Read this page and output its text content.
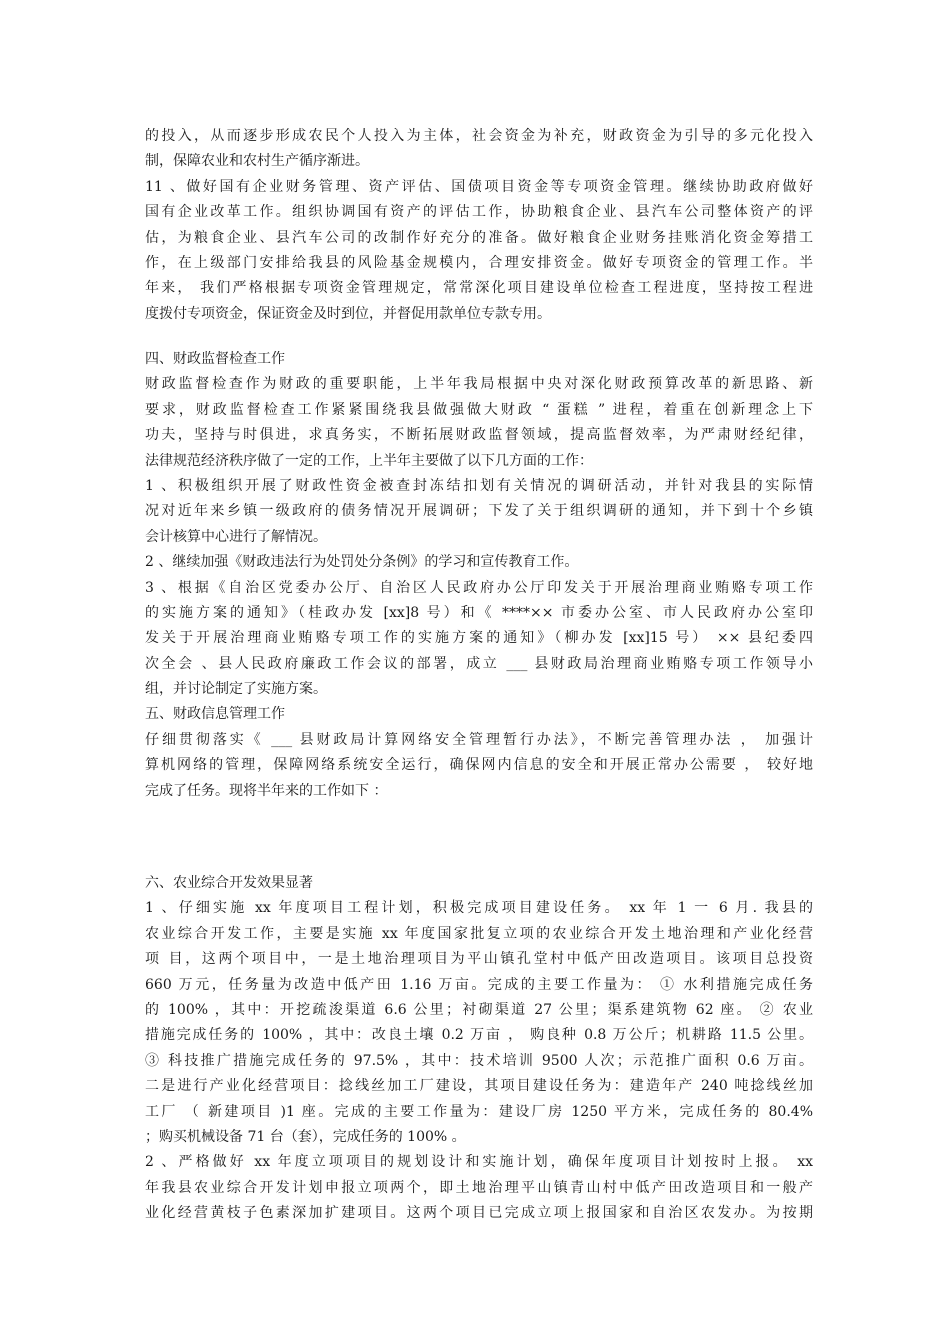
的投入，从而逐步形成农民个人投入为主体，社会资金为补充，财政资金为引导的多元化投入
制，保障农业和农村生产循序渐进。
11 、做好国有企业财务管理、资产评估、国债项目资金等专项资金管理。继续协助政府做好
国有企业改革工作。组织协调国有资产的评估工作，协助粮食企业、县汽车公司整体资产的评
估，为粮食企业、县汽车公司的改制作好充分的准备。做好粮食企业财务挂账消化资金筹措工
作，在上级部门安排给我县的风险基金规模内，合理安排资金。做好专项资金的管理工作。半
年来， 我们严格根据专项资金管理规定，常常深化项目建设单位检查工程进度，坚持按工程进
度拨付专项资金，保证资金及时到位，并督促用款单位专款专用。
四、财政监督检查工作
财政监督检查作为财政的重要职能，上半年我局根据中央对深化财政预算改革的新思路、新
要求，财政监督检查工作紧紧围绕我县做强做大财政 “ 蛋糕 ” 进程，着重在创新理念上下
功夫，坚持与时俱进，求真务实，不断拓展财政监督领域，提高监督效率，为严肃财经纪律，
法律规范经济秩序做了一定的工作，上半年主要做了以下几方面的工作：
1 、积极组织开展了财政性资金被查封冻结扣划有关情况的调研活动，并针对我县的实际情
况对近年来乡镇一级政府的债务情况开展调研；下发了关于组织调研的通知，并下到十个乡镇
会计核算中心进行了解情况。
2 、继续加强《财政违法行为处罚处分条例》的学习和宣传教育工作。
3 、根据《自治区党委办公厅、自治区人民政府办公厅印发关于开展治理商业贿赂专项工作
的实施方案的通知》（桂政办发 [xx]8 号）和《 ****×× 市委办公室、市人民政府办公室印
发关于开展治理商业贿赂专项工作的实施方案的通知》（柳办发 [xx]15 号） ×× 县纪委四
次全会 、县人民政府廉政工作会议的部署，成立 ___ 县财政局治理商业贿赂专项工作领导小
组，并讨论制定了实施方案。
五、财政信息管理工作
仔细贯彻落实《 ___ 县财政局计算网络安全管理暂行办法》，不断完善管理办法 ， 加强计
算机网络的管理，保障网络系统安全运行，确保网内信息的安全和开展正常办公需要 ， 较好地
完成了任务。现将半年来的工作如下 ：
六、农业综合开发效果显著
1 、仔细实施 xx 年度项目工程计划，积极完成项目建设任务。 xx 年 1 一 6 月. 我县的
农业综合开发工作，主要是实施 xx 年度国家批复立项的农业综合开发土地治理和产业化经营
项 目，这两个项目中，一是土地治理项目为平山镇孔堂村中低产田改造项目。该项目总投资
660 万元，任务量为改造中低产田 1.16 万亩。完成的主要工作量为： ① 水利措施完成任务
的 100% ，其中：开挖疏浚渠道 6.6 公里；衬砌渠道 27 公里；渠系建筑物 62 座。 ② 农业
措施完成任务的 100% ，其中：改良土壤 0.2 万亩 ， 购良种 0.8 万公斤；机耕路 11.5 公里。
③ 科技推广措施完成任务的 97.5% ，其中：技术培训 9500 人次；示范推广面积 0.6 万亩。
二是进行产业化经营项目：捻线丝加工厂建设，其项目建设任务为：建造年产 240 吨捻线丝加
工厂 （ 新建项目 )1 座。完成的主要工作量为：建设厂房 1250 平方米，完成任务的 80.4%
；购买机械设备 71 台（套），完成任务的 100% 。
2 、严格做好 xx 年度立项项目的规划设计和实施计划，确保年度项目计划按时上报。 xx
年我县农业综合开发计划申报立项两个，即土地治理平山镇青山村中低产田改造项目和一般产
业化经营黄枝子色素深加扩建项目。这两个项目已完成立项上报国家和自治区农发办。为按期
